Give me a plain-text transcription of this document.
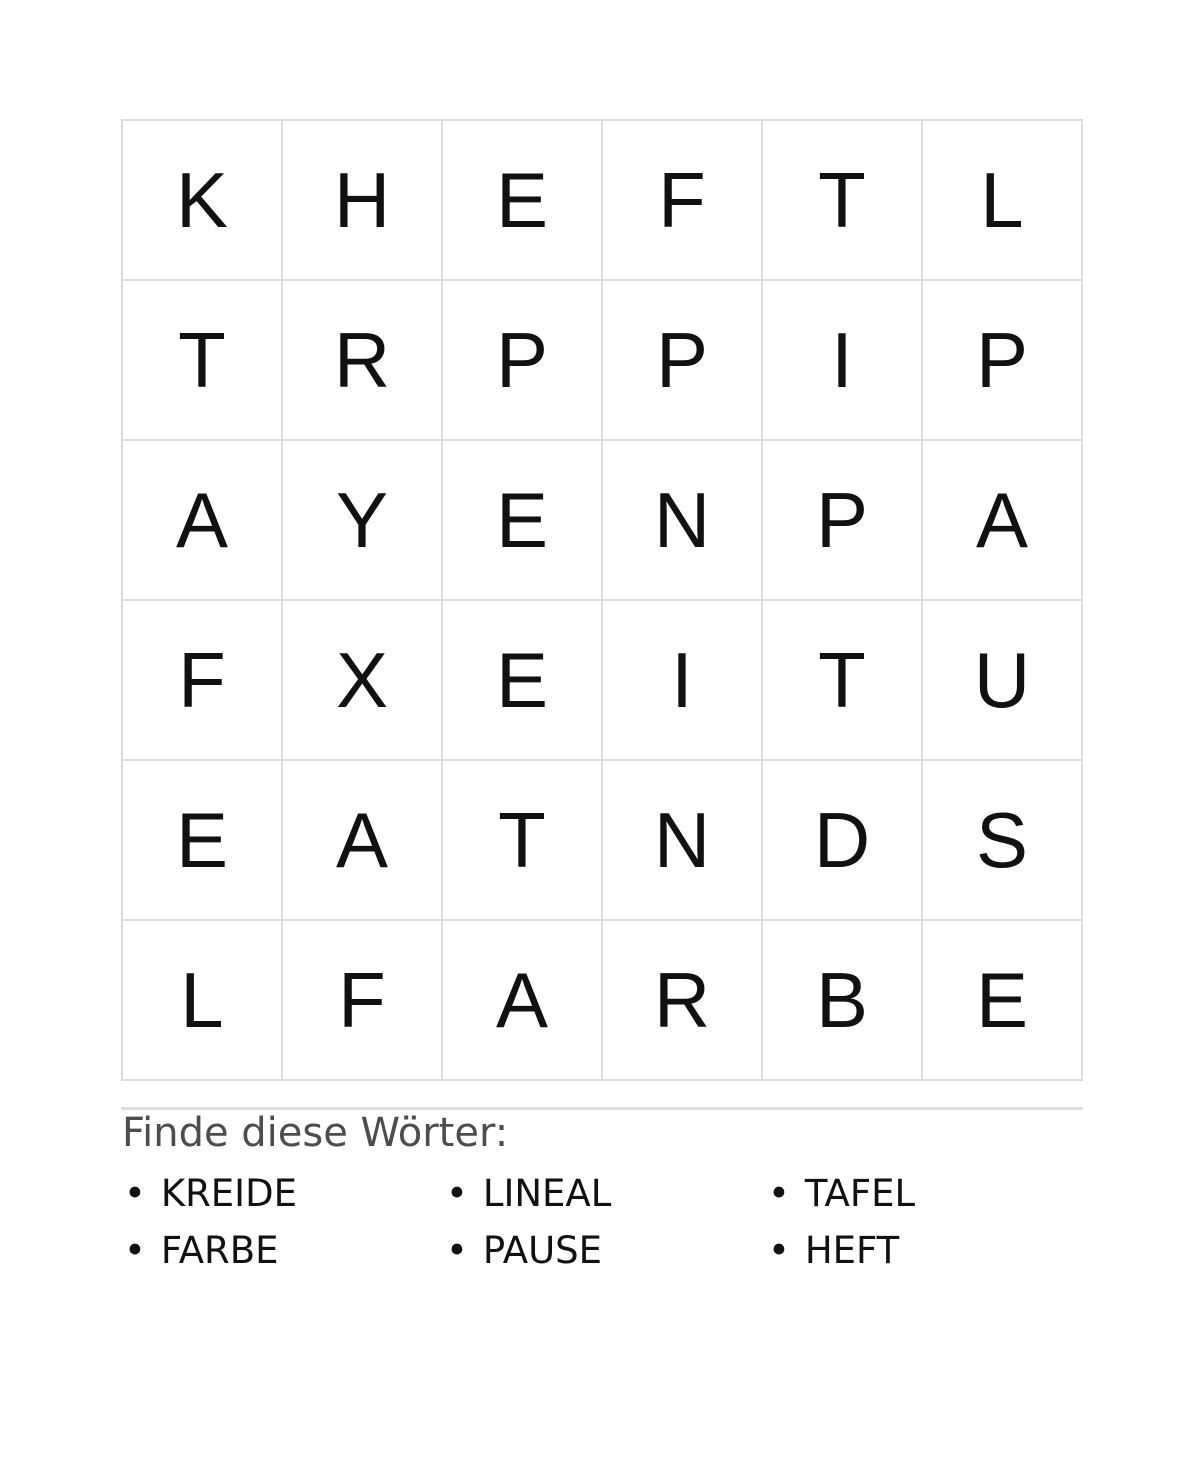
K	H	E	F	T	L
T	R	P	P	I	P
A	Y	E	N	P	A
F	X	E	I	T	U
E	A	T	N	D	S
L	F	A	R	B	E
Finde diese Wörter:
• KREIDE	• LINEAL	• TAFEL
• FARBE	• PAUSE	• HEFT
